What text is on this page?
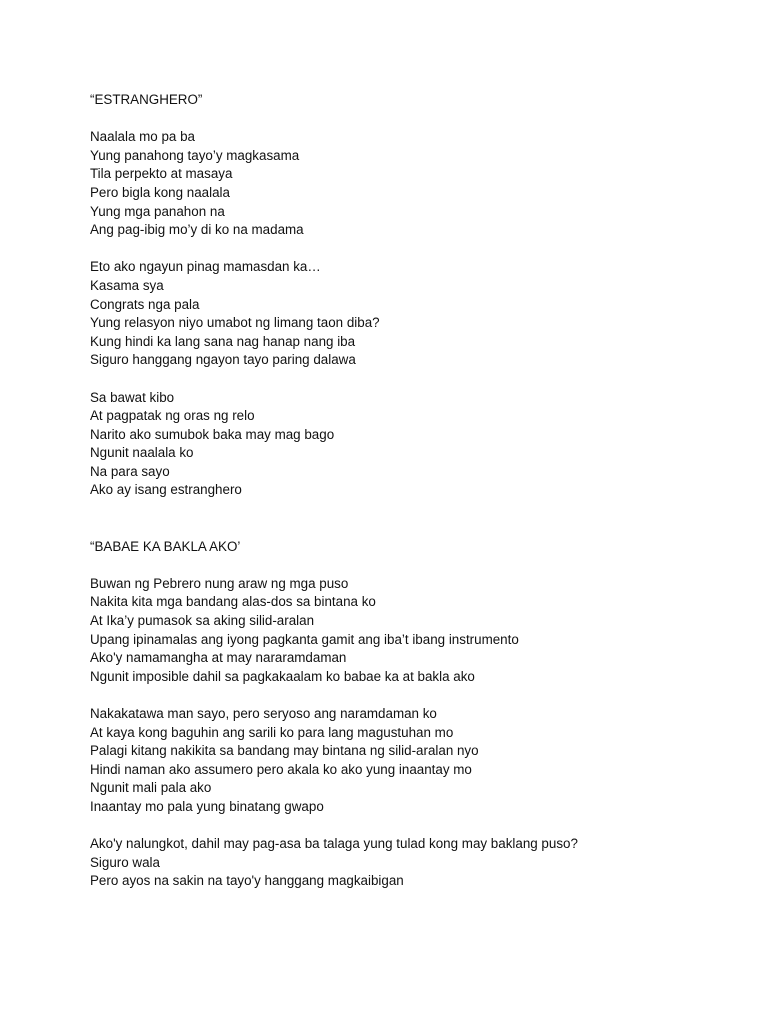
“ESTRANGHERO”
Naalala mo pa ba
Yung panahong tayo’y magkasama
Tila perpekto at masaya
Pero bigla kong naalala
Yung mga panahon na
Ang pag-ibig mo’y di ko na madama
Eto ako ngayun pinag mamasdan ka…
Kasama sya
Congrats nga pala
Yung relasyon niyo umabot ng limang taon diba?
Kung hindi ka lang sana nag hanap nang iba
Siguro hanggang ngayon tayo paring dalawa
Sa bawat kibo
At pagpatak ng oras ng relo
Narito ako sumubok baka may mag bago
Ngunit naalala ko
Na para sayo
Ako ay isang estranghero
“BABAE KA BAKLA AKO’
Buwan ng Pebrero nung araw ng mga puso
Nakita kita mga bandang alas-dos sa bintana ko
At Ika’y pumasok sa aking silid-aralan
Upang ipinamalas ang iyong pagkanta gamit ang iba’t ibang instrumento
Ako'y namamangha at may nararamdaman
Ngunit imposible dahil sa pagkakaalam ko babae ka at bakla ako
Nakakatawa man sayo, pero seryoso ang naramdaman ko
At kaya kong baguhin ang sarili ko para lang magustuhan mo
Palagi kitang nakikita sa bandang may bintana ng silid-aralan nyo
Hindi naman ako assumero pero akala ko ako yung inaantay mo
Ngunit mali pala ako
Inaantay mo pala yung binatang gwapo
Ako'y nalungkot, dahil may pag-asa ba talaga yung tulad kong may baklang puso?
Siguro wala
Pero ayos na sakin na tayo'y hanggang magkaibigan
